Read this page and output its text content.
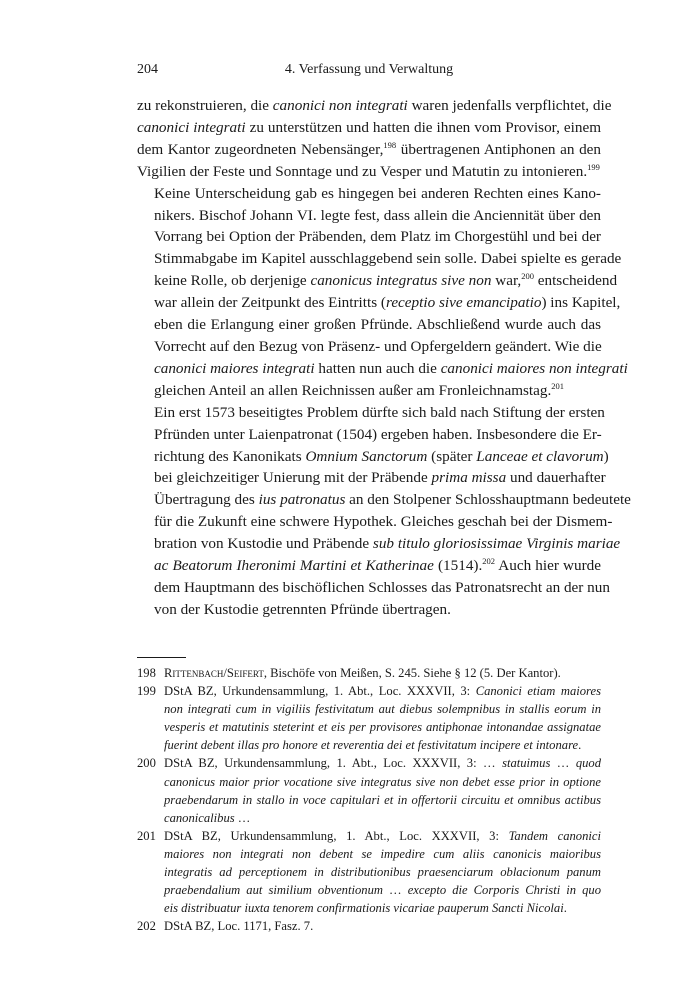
204	4. Verfassung und Verwaltung
zu rekonstruieren, die canonici non integrati waren jedenfalls verpflichtet, die
canonici integrati zu unterstützen und hatten die ihnen vom Provisor, einem
dem Kantor zugeordneten Nebensänger,$^{198}$ übertragenen Antiphonen an den
Vigilien der Feste und Sonntage und zu Vesper und Matutin zu intonieren.$^{199}$
Keine Unterscheidung gab es hingegen bei anderen Rechten eines Kano-
nikers. Bischof Johann VI. legte fest, dass allein die Anciennität über den
Vorrang bei Option der Präbenden, dem Platz im Chorgestühl und bei der
Stimmabgabe im Kapitel ausschlaggebend sein solle. Dabei spielte es gerade
keine Rolle, ob derjenige canonicus integratus sive non war,$^{200}$ entscheidend
war allein der Zeitpunkt des Eintritts (receptio sive emancipatio) ins Kapitel,
eben die Erlangung einer großen Pfründe. Abschließend wurde auch das
Vorrecht auf den Bezug von Präsenz- und Opfergeldern geändert. Wie die
canonici maiores integrati hatten nun auch die canonici maiores non integrati
gleichen Anteil an allen Reichnissen außer am Fronleichnamstag.$^{201}$
Ein erst 1573 beseitigtes Problem dürfte sich bald nach Stiftung der ersten
Pfründen unter Laienpatronat (1504) ergeben haben. Insbesondere die Er-
richtung des Kanonikats Omnium Sanctorum (später Lanceae et clavorum)
bei gleichzeitiger Unierung mit der Präbende prima missa und dauerhafter
Übertragung des ius patronatus an den Stolpener Schlosshauptmann bedeutete
für die Zukunft eine schwere Hypothek. Gleiches geschah bei der Dismem-
bration von Kustodie und Präbende sub titulo gloriosissimae Virginis mariae
ac Beatorum Iheronimi Martini et Katherinae (1514).$^{202}$ Auch hier wurde
dem Hauptmann des bischöflichen Schlosses das Patronatsrecht an der nun
von der Kustodie getrennten Pfründe übertragen.
198 Rittenbach/Seifert, Bischöfe von Meißen, S. 245. Siehe § 12 (5. Der Kantor).
199 DStA BZ, Urkundensammlung, 1. Abt., Loc. XXXVII, 3: Canonici etiam maiores
non integrati cum in vigiliis festivitatum aut diebus solempnibus in stallis eorum in
vesperis et matutinis steterint et eis per provisores antiphonae intonandae assignatae
fuerint debent illas pro honore et reverentia dei et festivitatum incipere et intonare.
200 DStA BZ, Urkundensammlung, 1. Abt., Loc. XXXVII, 3: … statuimus … quod
canonicus maior prior vocatione sive integratus sive non debet esse prior in optione
praebendarum in stallo in voce capitulari et in offertorii circuitu et omnibus actibus
canonicalibus …
201 DStA BZ, Urkundensammlung, 1. Abt., Loc. XXXVII, 3: Tandem canonici
maiores non integrati non debent se impedire cum aliis canonicis maioribus
integratis ad perceptionem in distributionibus praesenciarum oblacionum panum
praebendalium aut similium obventionum … excepto die Corporis Christi in quo
eis distribuatur iuxta tenorem confirmationis vicariae pauperum Sancti Nicolai.
202 DStA BZ, Loc. 1171, Fasz. 7.
